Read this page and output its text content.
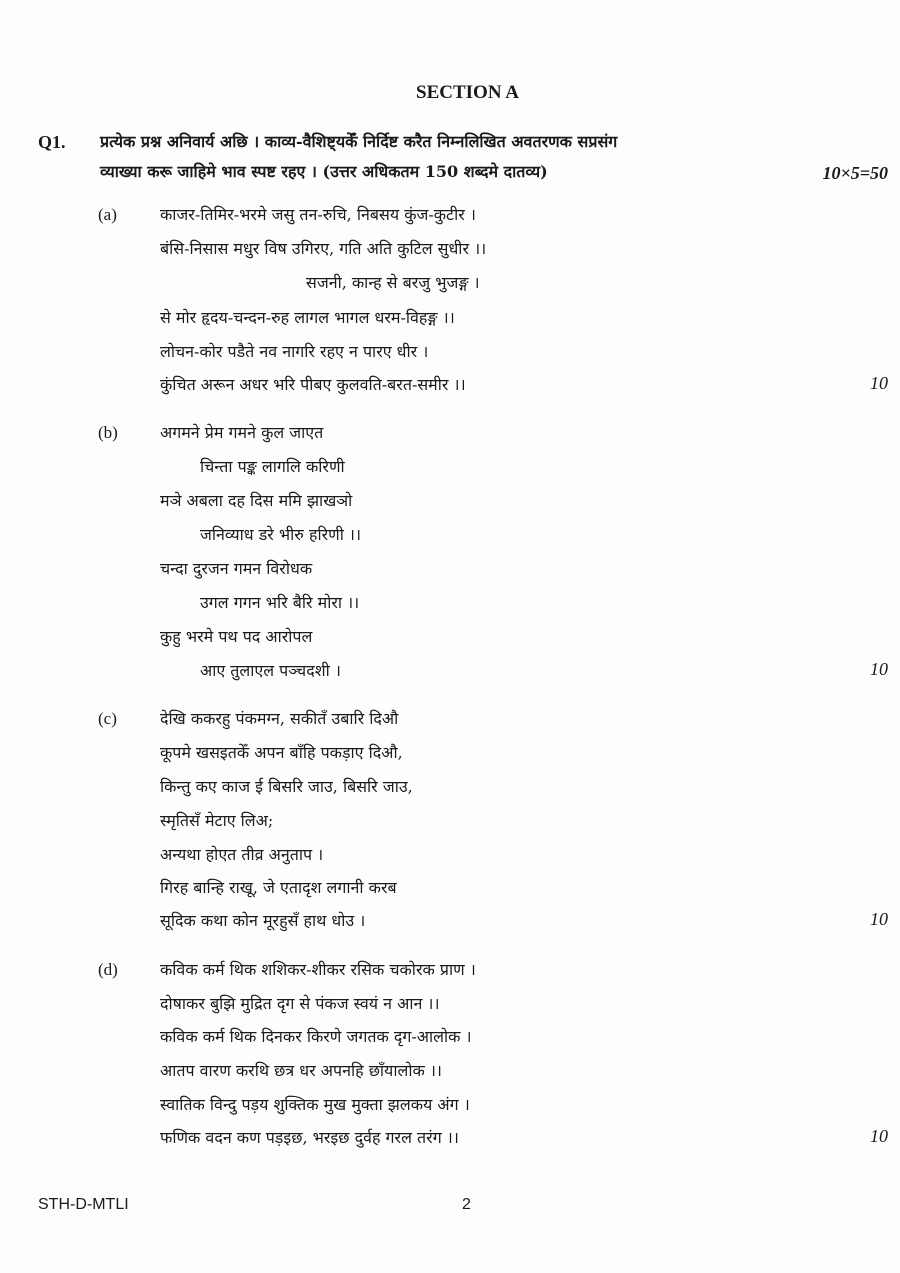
SECTION A
Q1. प्रत्येक प्रश्न अनिवार्य अछि । काव्य-वैशिष्ट्यकेँ निर्दिष्ट करैत निम्नलिखित अवतरणक सप्रसंग
व्याख्या करू जाहिमे भाव स्पष्ट रहए । (उत्तर अधिकतम 150 शब्दमे दातव्य)	10×5=50
(a)	काजर-तिमिर-भरमे जसु तन-रुचि, निबसय कुंज-कुटीर ।
बंसि-निसास मधुर विष उगिरए, गति अति कुटिल सुधीर ।।
सजनी, कान्ह से बरजु भुजङ्ग ।
से मोर हृदय-चन्दन-रुह लागल भागल धरम-विहङ्ग ।।
लोचन-कोर पडैते नव नागरि रहए न पारए धीर ।
कुंचित अरून अधर भरि पीबए कुलवति-बरत-समीर ।।	10
(b)	अगमने प्रेम गमने कुल जाएत
चिन्ता पङ्क लागलि करिणी
मञे अबला दह दिस ममि झाखञो
जनिव्याध डरे भीरु हरिणी ।।
चन्दा दुरजन गमन विरोधक
उगल गगन भरि बैरि मोरा ।।
कुहु भरमे पथ पद आरोपल
आए तुलाएल पञ्चदशी ।	10
(c)	देखि ककरहु पंकमग्न, सकीतँ उबारि दिऔ
कूपमे खसइतकेँ अपन बाँहि पकड़ाए दिऔ,
किन्तु कए काज ई बिसरि जाउ, बिसरि जाउ,
स्मृतिसँ मेटाए लिअ;
अन्यथा होएत तीव्र अनुताप ।
गिरह बान्हि राखू, जे एतादृश लगानी करब
सूदिक कथा कोन मूरहुसँ हाथ धोउ ।	10
(d)	कविक कर्म थिक शशिकर-शीकर रसिक चकोरक प्राण ।
दोषाकर बुझि मुद्रित दृग से पंकज स्वयं न आन ।।
कविक कर्म थिक दिनकर किरणे जगतक दृग-आलोक ।
आतप वारण करथि छत्र धर अपनहि छाँयालोक ।।
स्वातिक विन्दु पड़य शुक्तिक मुख मुक्ता झलकय अंग ।
फणिक वदन कण पड़इछ, भरइछ दुर्वह गरल तरंग ।।	10
STH-D-MTLI	2
